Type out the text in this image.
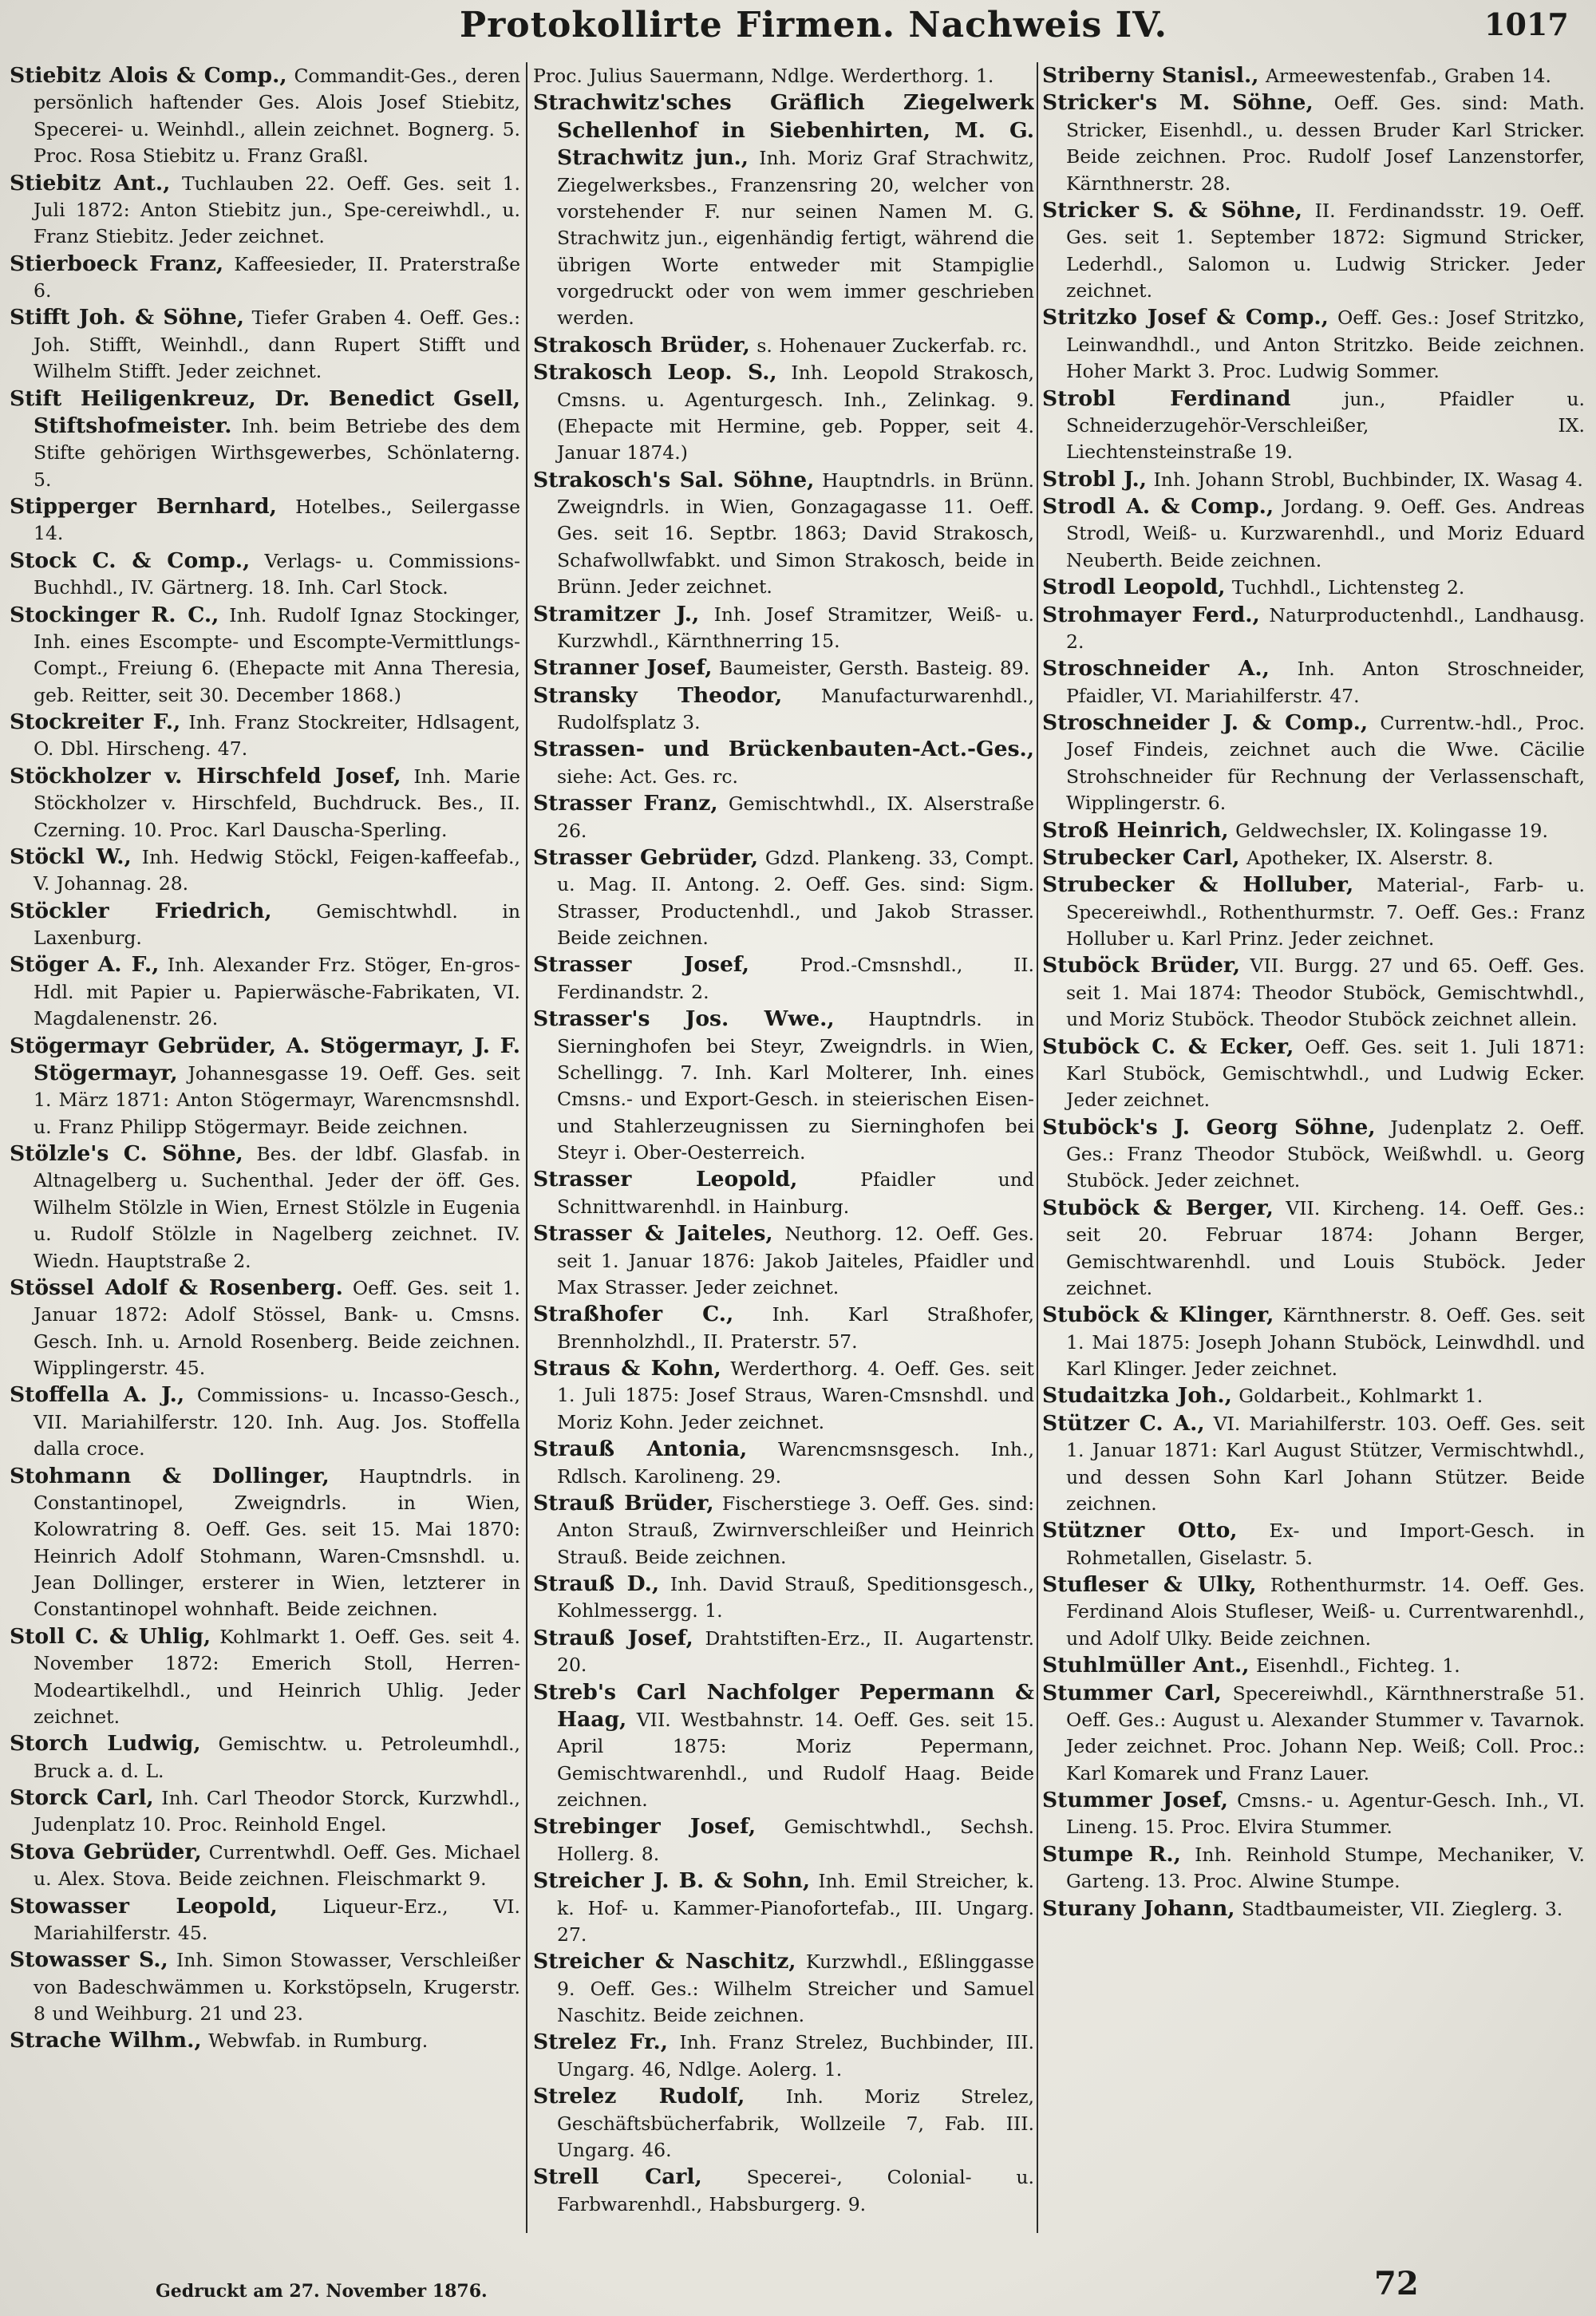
Protokollirte Firmen. Nachweis IV.	1017

Stiebitz Alois & Comp., Commandit-Ges., deren persönlich haftender Ges. Alois Josef Stiebitz, Specerei- u. Weinhdl., allein zeichnet. Bognerg. 5. Proc. Rosa Stiebitz u. Franz Graßl.

Stiebitz Ant., Tuchlauben 22. Oeff. Ges. seit 1. Juli 1872: Anton Stiebitz jun., Spe-cereiwhdl., u. Franz Stiebitz. Jeder zeichnet.

Stierboeck Franz, Kaffeesieder, II. Praterstraße 6.

Stifft Joh. & Söhne, Tiefer Graben 4. Oeff. Ges.: Joh. Stifft, Weinhdl., dann Rupert Stifft und Wilhelm Stifft. Jeder zeichnet.

Stift Heiligenkreuz, Dr. Benedict Gsell, Stiftshofmeister. Inh. beim Betriebe des dem Stifte gehörigen Wirthsgewerbes, Schönlaterng. 5.

Stipperger Bernhard, Hotelbes., Seilergasse 14.

Stock C. & Comp., Verlags- u. Commissions-Buchhdl., IV. Gärtnerg. 18. Inh. Carl Stock.

Stockinger R. C., Inh. Rudolf Ignaz Stockinger, Inh. eines Escompte- und Escompte-Vermittlungs-Compt., Freiung 6. (Ehepacte mit Anna Theresia, geb. Reitter, seit 30. December 1868.)

Stockreiter F., Inh. Franz Stockreiter, Hdlsagent, O. Dbl. Hirscheng. 47.

Stöckholzer v. Hirschfeld Josef, Inh. Marie Stöckholzer v. Hirschfeld, Buchdruck. Bes., II. Czerning. 10. Proc. Karl Dauscha-Sperling.

Stöckl W., Inh. Hedwig Stöckl, Feigen-kaffeefab., V. Johannag. 28.

Stöckler Friedrich, Gemischtwhdl. in Laxenburg.

Stöger A. F., Inh. Alexander Frz. Stöger, En-gros-Hdl. mit Papier u. Papierwäsche-Fabrikaten, VI. Magdalenenstr. 26.

Stögermayr Gebrüder, A. Stögermayr, J. F. Stögermayr, Johannesgasse 19. Oeff. Ges. seit 1. März 1871: Anton Stögermayr, Warencmsnshdl. u. Franz Philipp Stögermayr. Beide zeichnen.

Stölzle's C. Söhne, Bes. der ldbf. Glasfab. in Altnagelberg u. Suchenthal. Jeder der öff. Ges. Wilhelm Stölzle in Wien, Ernest Stölzle in Eugenia u. Rudolf Stölzle in Nagelberg zeichnet. IV. Wiedn. Hauptstraße 2.

Stössel Adolf & Rosenberg. Oeff. Ges. seit 1. Januar 1872: Adolf Stössel, Bank- u. Cmsns. Gesch. Inh. u. Arnold Rosenberg. Beide zeichnen. Wipplingerstr. 45.

Stoffella A. J., Commissions- u. Incasso-Gesch., VII. Mariahilferstr. 120. Inh. Aug. Jos. Stoffella dalla croce.

Stohmann & Dollinger, Hauptndrls. in Constantinopel, Zweigndrls. in Wien, Kolowratring 8. Oeff. Ges. seit 15. Mai 1870: Heinrich Adolf Stohmann, Waren-Cmsnshdl. u. Jean Dollinger, ersterer in Wien, letzterer in Constantinopel wohnhaft. Beide zeichnen.

Stoll C. & Uhlig, Kohlmarkt 1. Oeff. Ges. seit 4. November 1872: Emerich Stoll, Herren-Modeartikelhdl., und Heinrich Uhlig. Jeder zeichnet.

Storch Ludwig, Gemischtw. u. Petroleumhdl., Bruck a. d. L.

Storck Carl, Inh. Carl Theodor Storck, Kurzwhdl., Judenplatz 10. Proc. Reinhold Engel.

Stova Gebrüder, Currentwhdl. Oeff. Ges. Michael u. Alex. Stova. Beide zeichnen. Fleischmarkt 9.

Stowasser Leopold, Liqueur-Erz., VI. Mariahilferstr. 45.

Stowasser S., Inh. Simon Stowasser, Verschleißer von Badeschwämmen u. Korkstöpseln, Krugerstr. 8 und Weihburg. 21 und 23.

Strache Wilhm., Webwfab. in Rumburg.

Proc. Julius Sauermann, Ndlge. Werderthorg. 1.

Strachwitz'sches Gräflich Ziegelwerk Schellenhof in Siebenhirten, M. G. Strachwitz jun., Inh. Moriz Graf Strachwitz, Ziegelwerksbes., Franzensring 20, welcher von vorstehender F. nur seinen Namen M. G. Strachwitz jun., eigenhändig fertigt, während die übrigen Worte entweder mit Stampiglie vorgedruckt oder von wem immer geschrieben werden.

Strakosch Brüder, s. Hohenauer Zuckerfab. rc.

Strakosch Leop. S., Inh. Leopold Strakosch, Cmsns. u. Agenturgesch. Inh., Zelinkag. 9. (Ehepacte mit Hermine, geb. Popper, seit 4. Januar 1874.)

Strakosch's Sal. Söhne, Hauptndrls. in Brünn. Zweigndrls. in Wien, Gonzagagasse 11. Oeff. Ges. seit 16. Septbr. 1863; David Strakosch, Schafwollwfabkt. und Simon Strakosch, beide in Brünn. Jeder zeichnet.

Stramitzer J., Inh. Josef Stramitzer, Weiß- u. Kurzwhdl., Kärnthnerring 15.

Stranner Josef, Baumeister, Gersth. Basteig. 89.

Stransky Theodor, Manufacturwarenhdl., Rudolfsplatz 3.

Strassen- und Brückenbauten-Act.-Ges., siehe: Act. Ges. rc.

Strasser Franz, Gemischtwhdl., IX. Alserstraße 26.

Strasser Gebrüder, Gdzd. Plankeng. 33, Compt. u. Mag. II. Antong. 2. Oeff. Ges. sind: Sigm. Strasser, Productenhdl., und Jakob Strasser. Beide zeichnen.

Strasser Josef,	Prod.-Cmsnshdl., II. Ferdinandstr. 2.

Strasser's Jos. Wwe., Hauptndrls. in Sierninghofen bei Steyr, Zweigndrls. in Wien, Schellingg. 7. Inh. Karl Molterer, Inh. eines Cmsns.- und Export-Gesch. in steierischen Eisen- und Stahlerzeugnissen zu Sierninghofen bei Steyr i. Ober-Oesterreich.

Strasser Leopold,	Pfaidler und Schnittwarenhdl. in Hainburg.

Strasser & Jaiteles, Neuthorg. 12. Oeff. Ges. seit 1. Januar 1876: Jakob Jaiteles, Pfaidler und Max Strasser. Jeder zeichnet.

Straßhofer C., Inh. Karl Straßhofer, Brennholzhdl., II. Praterstr. 57.

Straus & Kohn, Werderthorg. 4. Oeff. Ges. seit 1. Juli 1875: Josef Straus, Waren-Cmsnshdl. und Moriz Kohn. Jeder zeichnet.

Strauß Antonia, Warencmsnsgesch. Inh., Rdlsch. Karolineng. 29.

Strauß Brüder, Fischerstiege 3. Oeff. Ges. sind: Anton Strauß, Zwirnverschleißer und Heinrich Strauß. Beide zeichnen.

Strauß D., Inh. David Strauß, Speditionsgesch., Kohlmessergg. 1.

Strauß Josef, Drahtstiften-Erz., II. Augartenstr. 20.

Streb's Carl Nachfolger Pepermann & Haag, VII. Westbahnstr. 14. Oeff. Ges. seit 15. April 1875: Moriz Pepermann, Gemischtwarenhdl., und Rudolf Haag. Beide zeichnen.

Strebinger Josef, Gemischtwhdl., Sechsh. Hollerg. 8.

Streicher J. B. & Sohn, Inh. Emil Streicher, k. k. Hof- u. Kammer-Pianofortefab., III. Ungarg. 27.

Streicher & Naschitz, Kurzwhdl., Eßlinggasse 9. Oeff. Ges.: Wilhelm Streicher und Samuel Naschitz. Beide zeichnen.

Strelez Fr., Inh. Franz Strelez, Buchbinder, III. Ungarg. 46, Ndlge. Aolerg. 1.

Strelez Rudolf, Inh. Moriz Strelez, Geschäftsbücherfabrik, Wollzeile 7, Fab. III. Ungarg. 46.

Strell Carl, Specerei-, Colonial- u. Farbwarenhdl., Habsburgerg. 9.

Striberny Stanisl., Armeewestenfab., Graben 14.

Stricker's M. Söhne, Oeff. Ges. sind: Math. Stricker, Eisenhdl., u. dessen Bruder Karl Stricker. Beide zeichnen. Proc. Rudolf Josef Lanzenstorfer, Kärnthnerstr. 28.

Stricker S. & Söhne, II. Ferdinandsstr. 19. Oeff. Ges. seit 1. September 1872: Sigmund Stricker, Lederhdl., Salomon u. Ludwig Stricker. Jeder zeichnet.

Stritzko Josef & Comp., Oeff. Ges.: Josef Stritzko, Leinwandhdl., und Anton Stritzko. Beide zeichnen. Hoher Markt 3. Proc. Ludwig Sommer.

Strobl Ferdinand	jun., Pfaidler u. Schneiderzugehör-Verschleißer, IX. Liechtensteinstraße 19.

Strobl J., Inh. Johann Strobl, Buchbinder, IX. Wasag 4.

Strodl A. & Comp., Jordang. 9. Oeff. Ges. Andreas Strodl, Weiß- u. Kurzwarenhdl., und Moriz Eduard Neuberth. Beide zeichnen.

Strodl Leopold, Tuchhdl., Lichtensteg 2.

Strohmayer Ferd., Naturproductenhdl., Landhausg. 2.

Stroschneider A., Inh. Anton Stroschneider, Pfaidler, VI. Mariahilferstr. 47.

Stroschneider J. & Comp., Currentw.-hdl., Proc. Josef Findeis, zeichnet auch die Wwe. Cäcilie Strohschneider für Rechnung der Verlassenschaft, Wipplingerstr. 6.

Stroß Heinrich, Geldwechsler, IX. Kolingasse 19.

Strubecker Carl, Apotheker, IX. Alserstr. 8.

Strubecker & Holluber, Material-, Farb- u. Specereiwhdl., Rothenthurmstr. 7. Oeff. Ges.: Franz Holluber u. Karl Prinz. Jeder zeichnet.

Stuböck Brüder, VII. Burgg. 27 und 65. Oeff. Ges. seit 1. Mai 1874: Theodor Stuböck, Gemischtwhdl., und Moriz Stuböck. Theodor Stuböck zeichnet allein.

Stuböck C. & Ecker, Oeff. Ges. seit 1. Juli 1871: Karl Stuböck, Gemischtwhdl., und Ludwig Ecker. Jeder zeichnet.

Stuböck's J. Georg Söhne, Judenplatz 2. Oeff. Ges.: Franz Theodor Stuböck, Weißwhdl. u. Georg Stuböck. Jeder zeichnet.

Stuböck & Berger, VII. Kircheng. 14. Oeff. Ges.: seit 20. Februar 1874: Johann Berger, Gemischtwarenhdl. und Louis Stuböck. Jeder zeichnet.

Stuböck & Klinger, Kärnthnerstr. 8. Oeff. Ges. seit 1. Mai 1875: Joseph Johann Stuböck, Leinwdhdl. und Karl Klinger. Jeder zeichnet.

Studaitzka Joh., Goldarbeit., Kohlmarkt 1.

Stützer C. A., VI. Mariahilferstr. 103. Oeff. Ges. seit 1. Januar 1871: Karl August Stützer, Vermischtwhdl., und dessen Sohn Karl Johann Stützer. Beide zeichnen.

Stützner Otto, Ex- und Import-Gesch. in Rohmetallen, Giselastr. 5.

Stufleser & Ulky, Rothenthurmstr. 14. Oeff. Ges. Ferdinand Alois Stufleser, Weiß- u. Currentwarenhdl., und Adolf Ulky. Beide zeichnen.

Stuhlmüller Ant., Eisenhdl., Fichteg. 1.

Stummer Carl, Specereiwhdl., Kärnthnerstraße 51. Oeff. Ges.: August u. Alexander Stummer v. Tavarnok. Jeder zeichnet. Proc. Johann Nep. Weiß; Coll. Proc.: Karl Komarek und Franz Lauer.

Stummer Josef, Cmsns.- u. Agentur-Gesch. Inh., VI. Lineng. 15. Proc. Elvira Stummer.

Stumpe R., Inh. Reinhold Stumpe, Mechaniker, V. Garteng. 13. Proc. Alwine Stumpe.

Sturany Johann, Stadtbaumeister, VII. Zieglerg. 3.

Gedruckt am 27. November 1876.	72
